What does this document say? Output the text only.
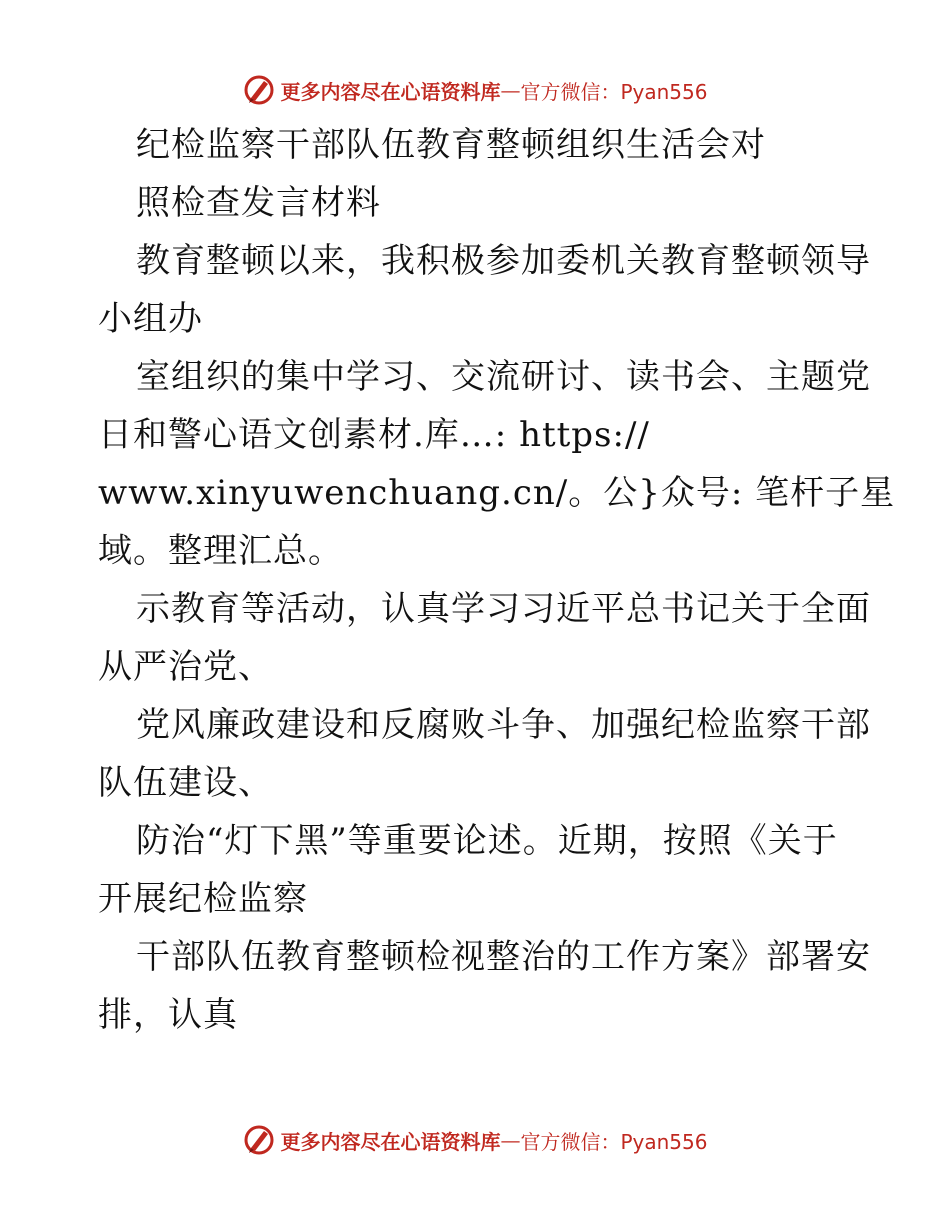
更多内容尽在心语资料库 — 官方微信：Pyan556
纪检监察干部队伍教育整顿组织生活会对
照检查发言材料
教育整顿以来，我积极参加委机关教育整顿领导
小组办
室组织的集中学习、交流研讨、读书会、主题党
日和警心语文创素材.库…: https://
www.xinyuwenchuang.cn/。公}众号: 笔杆子星
域。整理汇总。
示教育等活动，认真学习习近平总书记关于全面
从严治党、
党风廉政建设和反腐败斗争、加强纪检监察干部
队伍建设、
防治“灯下黑”等重要论述。近期，按照《关于
开展纪检监察
干部队伍教育整顿检视整治的工作方案》部署安
排，认真
更多内容尽在心语资料库 — 官方微信：Pyan556
